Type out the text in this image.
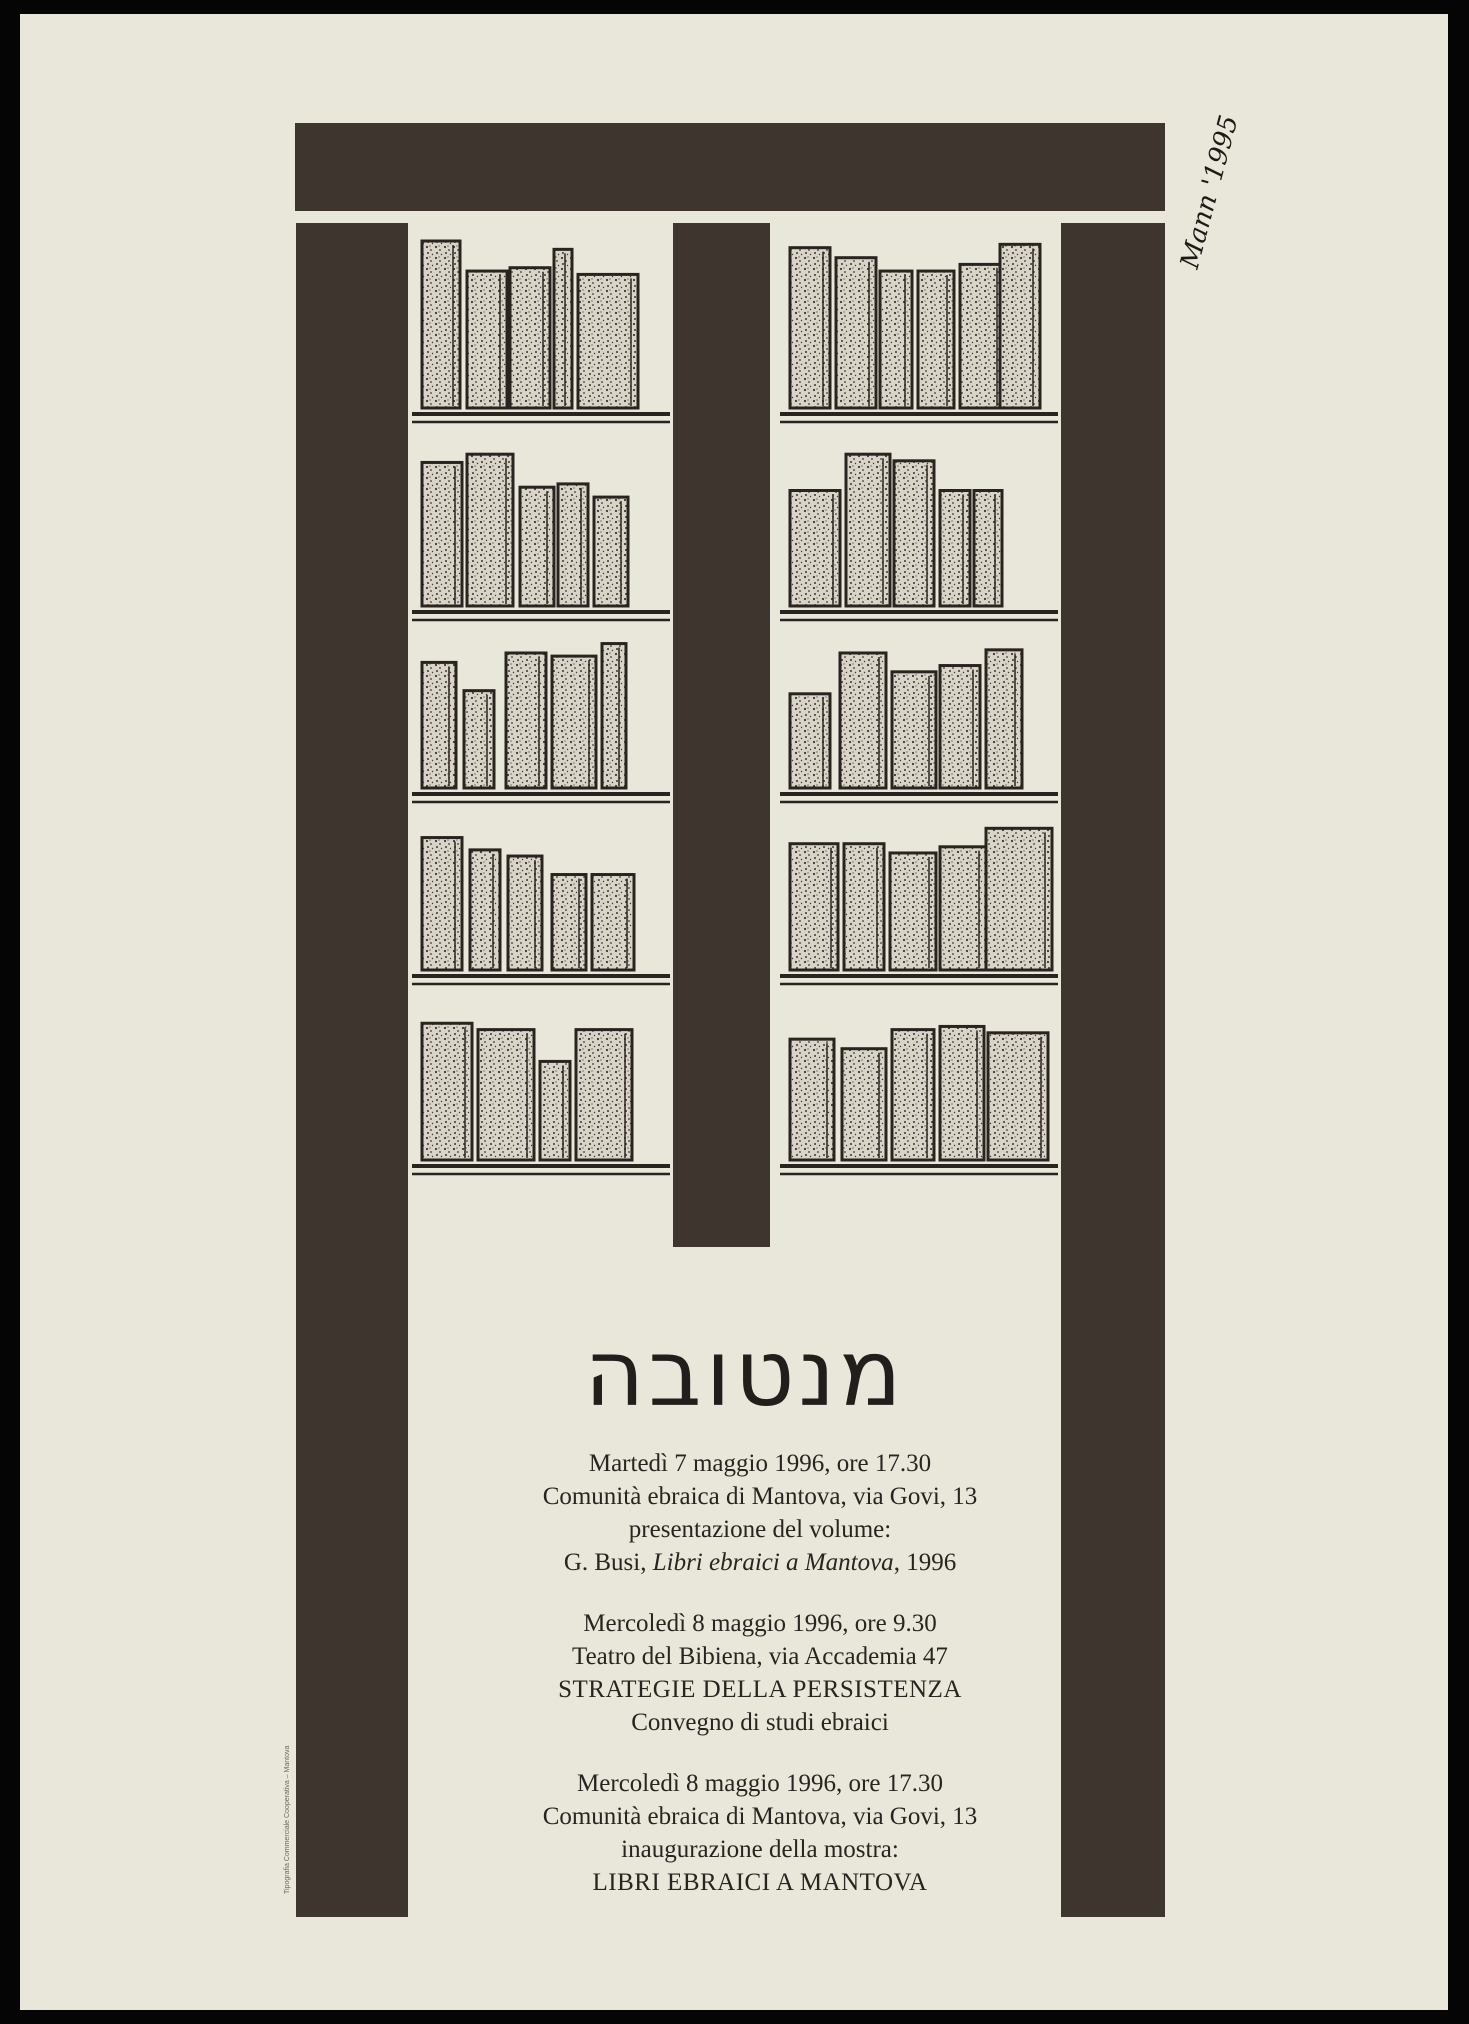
מנטובה
Martedì 7 maggio 1996, ore 17.30
Comunità ebraica di Mantova, via Govi, 13
presentazione del volume:
G. Busi, Libri ebraici a Mantova, 1996
Mercoledì 8 maggio 1996, ore 9.30
Teatro del Bibiena, via Accademia 47
STRATEGIE DELLA PERSISTENZA
Convegno di studi ebraici
Mercoledì 8 maggio 1996, ore 17.30
Comunità ebraica di Mantova, via Govi, 13
inaugurazione della mostra:
LIBRI EBRAICI A MANTOVA
Mann '1995
Tipografia Commerciale Cooperativa – Mantova
